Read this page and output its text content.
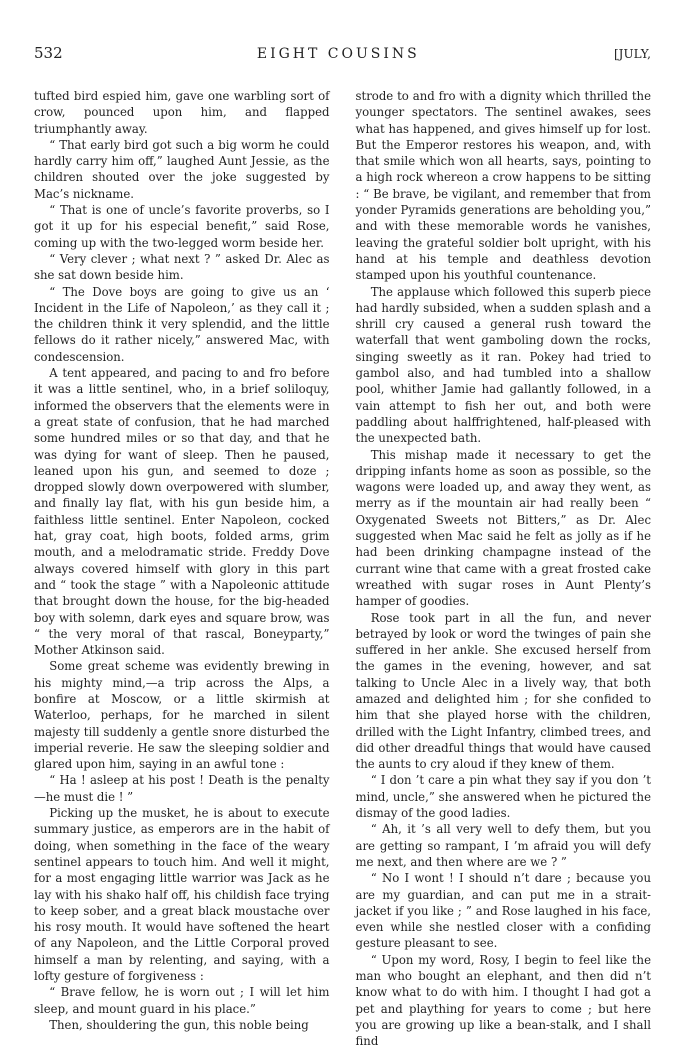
532	EIGHT COUSINS	[JULY,

tufted bird espied him, gave one warbling sort of crow, pounced upon him, and flapped triumphantly away.

“ That early bird got such a big worm he could hardly carry him off,” laughed Aunt Jessie, as the children shouted over the joke suggested by Mac’s nickname.

“ That is one of uncle’s favorite proverbs, so I got it up for his especial benefit,” said Rose, coming up with the two-legged worm beside her.

“ Very clever ; what next ? ” asked Dr. Alec as she sat down beside him.

“ The Dove boys are going to give us an ‘ Incident in the Life of Napoleon,’ as they call it ; the children think it very splendid, and the little fellows do it rather nicely,” answered Mac, with condescension.

A tent appeared, and pacing to and fro before it was a little sentinel, who, in a brief soliloquy, informed the observers that the elements were in a great state of confusion, that he had marched some hundred miles or so that day, and that he was dying for want of sleep. Then he paused, leaned upon his gun, and seemed to doze ; dropped slowly down overpowered with slumber, and finally lay flat, with his gun beside him, a faithless little sentinel. Enter Napoleon, cocked hat, gray coat, high boots, folded arms, grim mouth, and a melodramatic stride. Freddy Dove always covered himself with glory in this part and “ took the stage ” with a Napoleonic attitude that brought down the house, for the big-headed boy with solemn, dark eyes and square brow, was “ the very moral of that rascal, Boneyparty,” Mother Atkinson said.

Some great scheme was evidently brewing in his mighty mind,—a trip across the Alps, a bonfire at Moscow, or a little skirmish at Waterloo, perhaps, for he marched in silent majesty till suddenly a gentle snore disturbed the imperial reverie. He saw the sleeping soldier and glared upon him, saying in an awful tone :

“ Ha ! asleep at his post ! Death is the penalty —he must die ! ”

Picking up the musket, he is about to execute summary justice, as emperors are in the habit of doing, when something in the face of the weary sentinel appears to touch him. And well it might, for a most engaging little warrior was Jack as he lay with his shako half off, his childish face trying to keep sober, and a great black moustache over his rosy mouth. It would have softened the heart of any Napoleon, and the Little Corporal proved himself a man by relenting, and saying, with a lofty gesture of forgiveness :

“ Brave fellow, he is worn out ; I will let him sleep, and mount guard in his place.”

Then, shouldering the gun, this noble being

strode to and fro with a dignity which thrilled the younger spectators. The sentinel awakes, sees what has happened, and gives himself up for lost. But the Emperor restores his weapon, and, with that smile which won all hearts, says, pointing to a high rock whereon a crow happens to be sitting : “ Be brave, be vigilant, and remember that from yonder Pyramids generations are beholding you,” and with these memorable words he vanishes, leaving the grateful soldier bolt upright, with his hand at his temple and deathless devotion stamped upon his youthful countenance.

The applause which followed this superb piece had hardly subsided, when a sudden splash and a shrill cry caused a general rush toward the waterfall that went gamboling down the rocks, singing sweetly as it ran. Pokey had tried to gambol also, and had tumbled into a shallow pool, whither Jamie had gallantly followed, in a vain attempt to fish her out, and both were paddling about halffrightened, half-pleased with the unexpected bath.

This mishap made it necessary to get the dripping infants home as soon as possible, so the wagons were loaded up, and away they went, as merry as if the mountain air had really been “ Oxygenated Sweets not Bitters,” as Dr. Alec suggested when Mac said he felt as jolly as if he had been drinking champagne instead of the currant wine that came with a great frosted cake wreathed with sugar roses in Aunt Plenty’s hamper of goodies.

Rose took part in all the fun, and never betrayed by look or word the twinges of pain she suffered in her ankle. She excused herself from the games in the evening, however, and sat talking to Uncle Alec in a lively way, that both amazed and delighted him ; for she confided to him that she played horse with the children, drilled with the Light Infantry, climbed trees, and did other dreadful things that would have caused the aunts to cry aloud if they knew of them.

“ I don ’t care a pin what they say if you don ’t mind, uncle,” she answered when he pictured the dismay of the good ladies.

“ Ah, it ’s all very well to defy them, but you are getting so rampant, I ’m afraid you will defy me next, and then where are we ? ”

“ No I wont ! I should n’t dare ; because you are my guardian, and can put me in a strait-jacket if you like ; ” and Rose laughed in his face, even while she nestled closer with a confiding gesture pleasant to see.

“ Upon my word, Rosy, I begin to feel like the man who bought an elephant, and then did n’t know what to do with him. I thought I had got a pet and plaything for years to come ; but here you are growing up like a bean-stalk, and I shall find
